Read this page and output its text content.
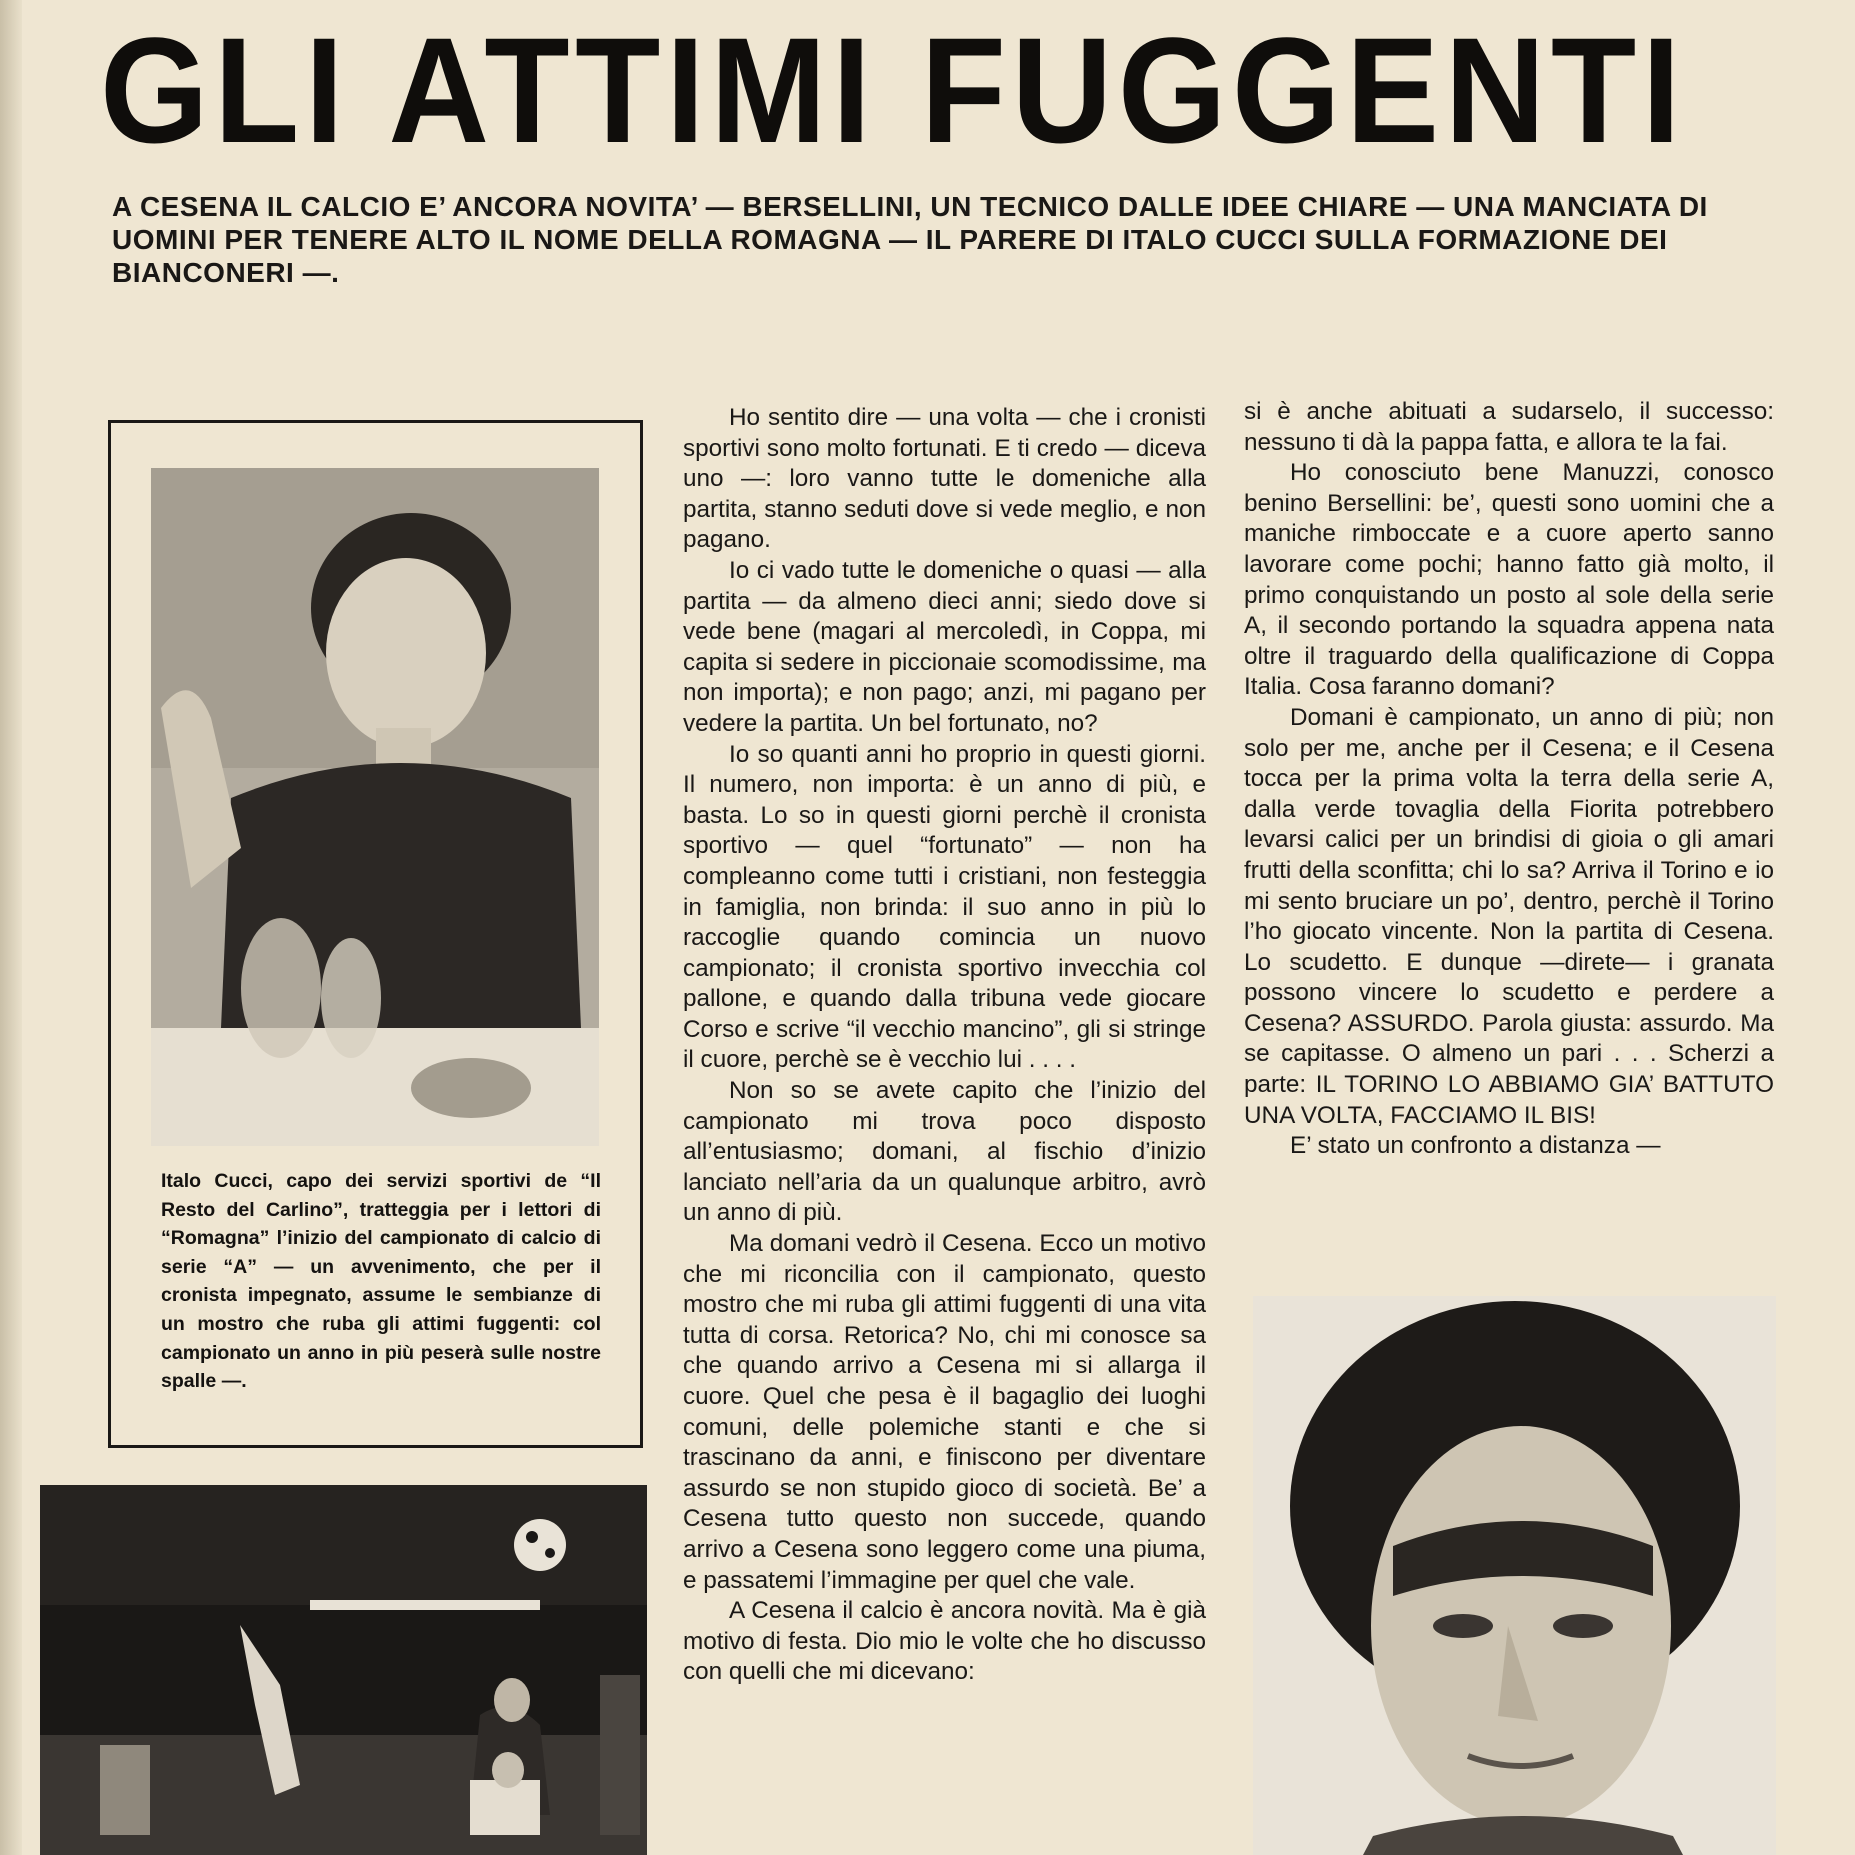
GLI ATTIMI FUGGENTI
A CESENA IL CALCIO E’ ANCORA NOVITA’ — BERSELLINI, UN TECNICO DALLE IDEE CHIARE — UNA MANCIATA DI UOMINI PER TENERE ALTO IL NOME DELLA ROMAGNA — IL PARERE DI ITALO CUCCI SULLA FORMAZIONE DEI BIANCONERI —.
Italo Cucci, capo dei servizi sportivi de “Il Resto del Carlino”, tratteggia per i lettori di “Romagna” l’inizio del campionato di calcio di serie “A” — un avvenimento, che per il cronista impegnato, assume le sembianze di un mostro che ruba gli attimi fuggenti: col campionato un anno in più peserà sulle nostre spalle —.

Ho sentito dire — una volta — che i cronisti sportivi sono molto fortunati. E ti credo — diceva uno —: loro vanno tutte le domeniche alla partita, stanno seduti dove si vede meglio, e non pagano.

Io ci vado tutte le domeniche o quasi — alla partita — da almeno dieci anni; siedo dove si vede bene (magari al mercoledì, in Coppa, mi capita si sedere in piccionaie scomodissime, ma non importa); e non pago; anzi, mi pagano per vedere la partita. Un bel fortunato, no?

Io so quanti anni ho proprio in questi giorni. Il numero, non importa: è un anno di più, e basta. Lo so in questi giorni perchè il cronista sportivo — quel “fortunato” — non ha compleanno come tutti i cristiani, non festeggia in famiglia, non brinda: il suo anno in più lo raccoglie quando comincia un nuovo campionato; il cronista sportivo invecchia col pallone, e quando dalla tribuna vede giocare Corso e scrive “il vecchio mancino”, gli si stringe il cuore, perchè se è vecchio lui . . . .

Non so se avete capito che l’inizio del campionato mi trova poco disposto all’entusiasmo; domani, al fischio d’inizio lanciato nell’aria da un qualunque arbitro, avrò un anno di più.

Ma domani vedrò il Cesena. Ecco un motivo che mi riconcilia con il campionato, questo mostro che mi ruba gli attimi fuggenti di una vita tutta di corsa. Retorica? No, chi mi conosce sa che quando arrivo a Cesena mi si allarga il cuore. Quel che pesa è il bagaglio dei luoghi comuni, delle polemiche stanti e che si trascinano da anni, e finiscono per diventare assurdo se non stupido gioco di società. Be’ a Cesena tutto questo non succede, quando arrivo a Cesena sono leggero come una piuma, e passatemi l’immagine per quel che vale.

A Cesena il calcio è ancora novità. Ma è già motivo di festa. Dio mio le volte che ho discusso con quelli che mi dicevano:

si è anche abituati a sudarselo, il successo: nessuno ti dà la pappa fatta, e allora te la fai.

Ho conosciuto bene Manuzzi, conosco benino Bersellini: be’, questi sono uomini che a maniche rimboccate e a cuore aperto sanno lavorare come pochi; hanno fatto già molto, il primo conquistando un posto al sole della serie A, il secondo portando la squadra appena nata oltre il traguardo della qualificazione di Coppa Italia. Cosa faranno domani?

Domani è campionato, un anno di più; non solo per me, anche per il Cesena; e il Cesena tocca per la prima volta la terra della serie A, dalla verde tovaglia della Fiorita potrebbero levarsi calici per un brindisi di gioia o gli amari frutti della sconfitta; chi lo sa? Arriva il Torino e io mi sento bruciare un po’, dentro, perchè il Torino l’ho giocato vincente. Non la partita di Cesena. Lo scudetto. E dunque —direte— i granata possono vincere lo scudetto e perdere a Cesena? ASSURDO. Parola giusta: assurdo. Ma se capitasse. O almeno un pari . . . Scherzi a parte: IL TORINO LO ABBIAMO GIA’ BATTUTO UNA VOLTA, FACCIAMO IL BIS!

E’ stato un confronto a distanza —
